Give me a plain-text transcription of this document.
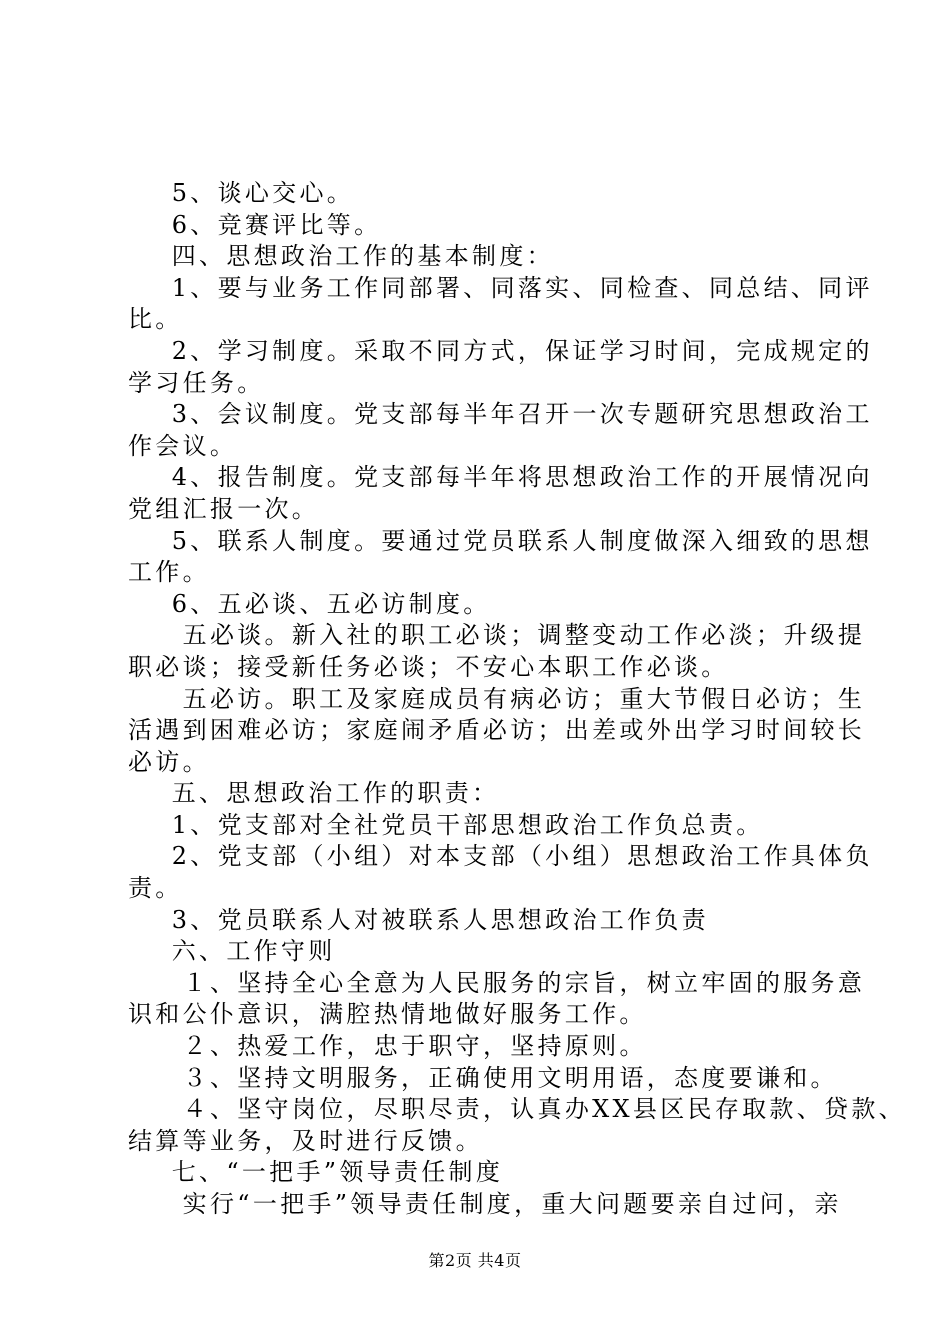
5、谈心交心。
6、竞赛评比等。
四、思想政治工作的基本制度：
1、要与业务工作同部署、同落实、同检查、同总结、同评
比。
2、学习制度。采取不同方式，保证学习时间，完成规定的
学习任务。
3、会议制度。党支部每半年召开一次专题研究思想政治工
作会议。
4、报告制度。党支部每半年将思想政治工作的开展情况向
党组汇报一次。
5、联系人制度。要通过党员联系人制度做深入细致的思想
工作。
6、五必谈、五必访制度。
五必谈。新入社的职工必谈；调整变动工作必淡；升级提
职必谈；接受新任务必谈；不安心本职工作必谈。
五必访。职工及家庭成员有病必访；重大节假日必访；生
活遇到困难必访；家庭闹矛盾必访；出差或外出学习时间较长
必访。
五、思想政治工作的职责：
1、党支部对全社党员干部思想政治工作负总责。
2、党支部（小组）对本支部（小组）思想政治工作具体负
责。
3、党员联系人对被联系人思想政治工作负责
六、工作守则
１、坚持全心全意为人民服务的宗旨，树立牢固的服务意
识和公仆意识，满腔热情地做好服务工作。
２、热爱工作，忠于职守，坚持原则。
３、坚持文明服务，正确使用文明用语，态度要谦和。
４、坚守岗位，尽职尽责，认真办XX县区民存取款、贷款、
结算等业务，及时进行反馈。
七、“一把手”领导责任制度
实行“一把手”领导责任制度，重大问题要亲自过问，亲
第2页 共4页
